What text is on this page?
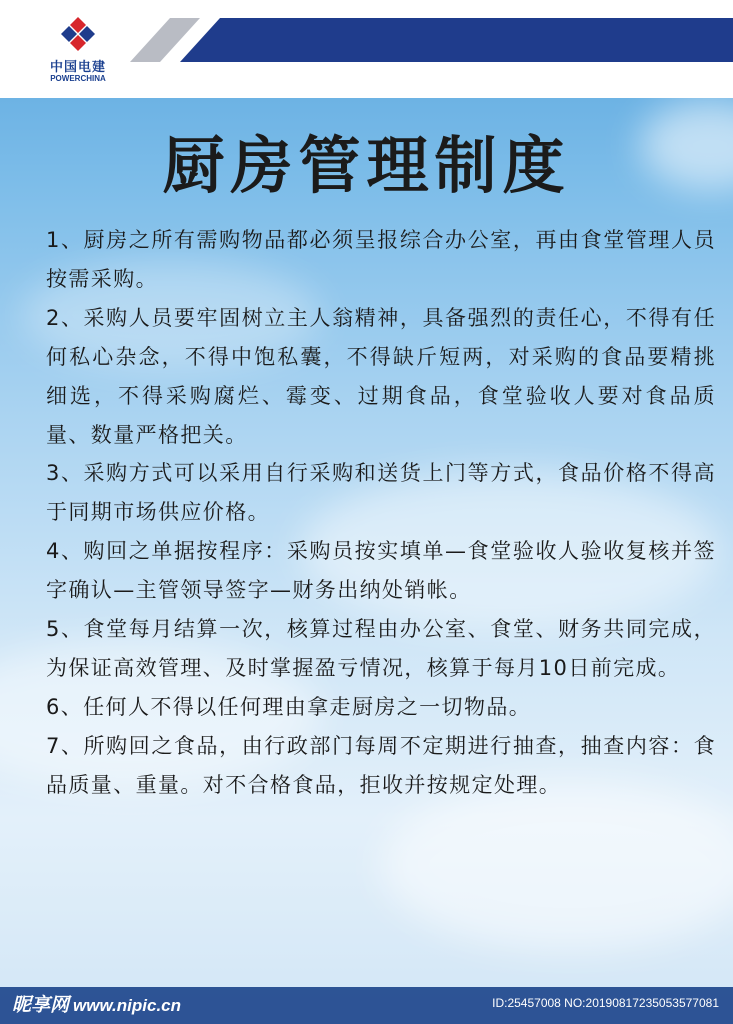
中国电建
POWERCHINA
厨房管理制度

1、厨房之所有需购物品都必须呈报综合办公室，再由食堂管理人员按需采购。

2、采购人员要牢固树立主人翁精神，具备强烈的责任心，不得有任何私心杂念，不得中饱私囊，不得缺斤短两，对采购的食品要精挑细选，不得采购腐烂、霉变、过期食品，食堂验收人要对食品质量、数量严格把关。

3、采购方式可以采用自行采购和送货上门等方式，食品价格不得高于同期市场供应价格。

4、购回之单据按程序：采购员按实填单—食堂验收人验收复核并签字确认—主管领导签字—财务出纳处销帐。

5、食堂每月结算一次，核算过程由办公室、食堂、财务共同完成，为保证高效管理、及时掌握盈亏情况，核算于每月10日前完成。

6、任何人不得以任何理由拿走厨房之一切物品。

7、所购回之食品，由行政部门每周不定期进行抽查，抽查内容：食品质量、重量。对不合格食品，拒收并按规定处理。

昵享网 www.nipic.cn	ID:25457008 NO:20190817235053577081
